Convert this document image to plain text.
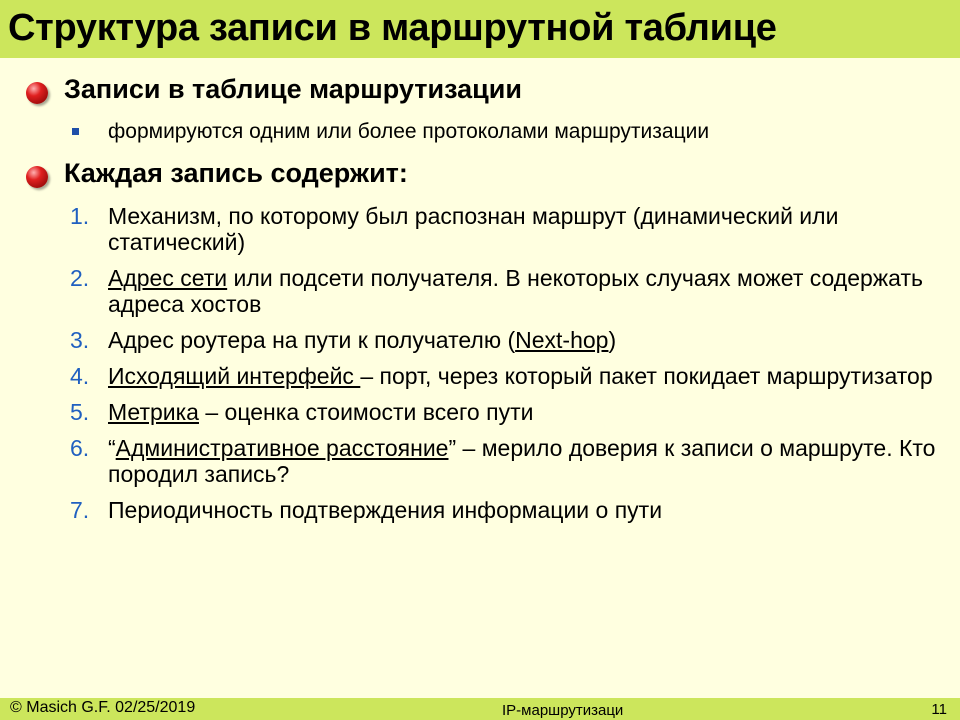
Структура записи в маршрутной таблице
Записи в таблице маршрутизации
формируются одним или более протоколами маршрутизации
Каждая запись содержит:
1. Механизм, по которому был распознан маршрут (динамический или статический)
2. Адрес сети или подсети получателя. В некоторых случаях может содержать адреса хостов
3. Адрес роутера на пути к получателю (Next-hop)
4. Исходящий интерфейс – порт, через который пакет покидает маршрутизатор
5. Метрика – оценка стоимости всего пути
6. “Административное расстояние” – мерило доверия к записи о маршруте. Кто породил запись?
7. Периодичность подтверждения информации о пути
© Masich G.F. 02/25/2019	IP-маршрутизаци	11
